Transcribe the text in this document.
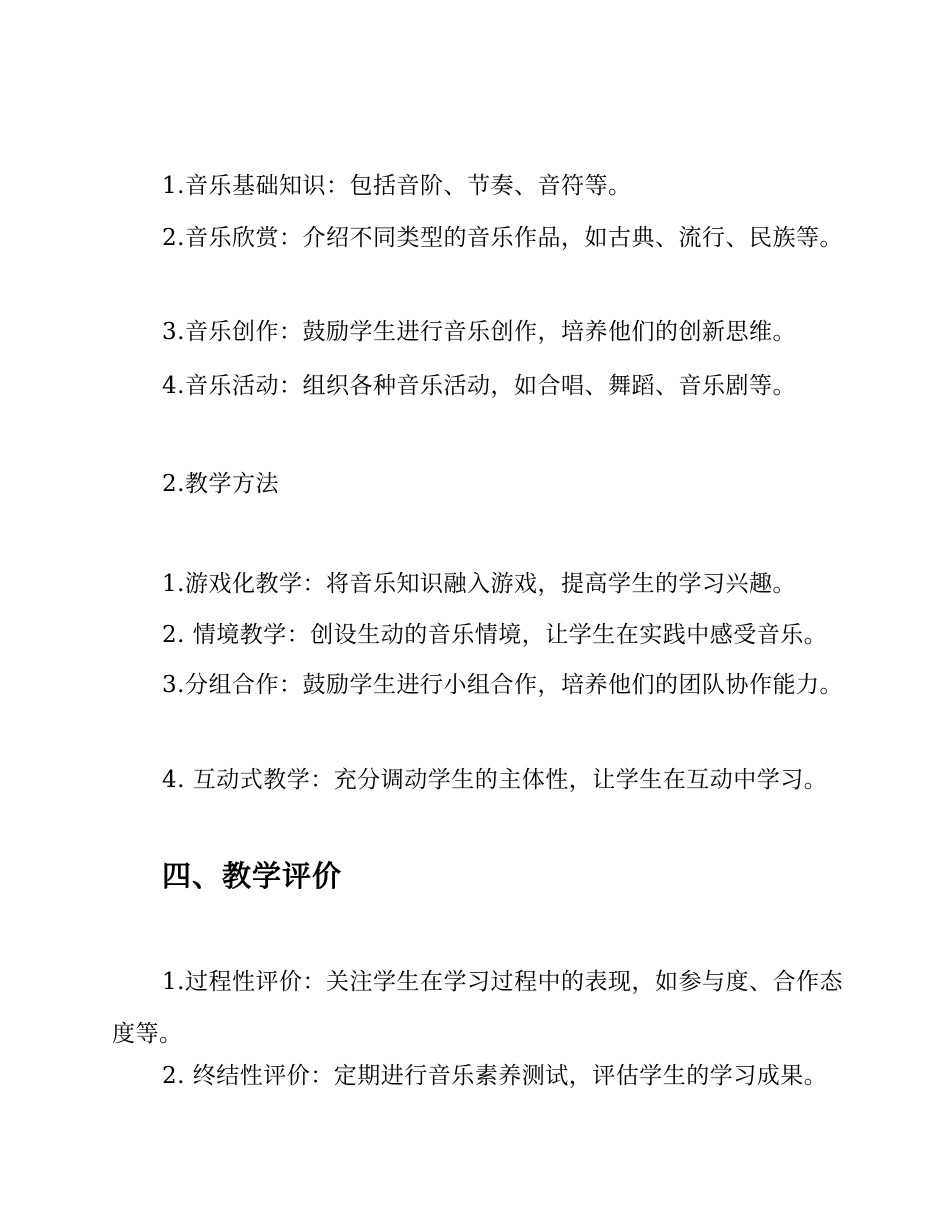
1.音乐基础知识：包括音阶、节奏、音符等。

2.音乐欣赏：介绍不同类型的音乐作品，如古典、流行、民族等。

3.音乐创作：鼓励学生进行音乐创作，培养他们的创新思维。

4.音乐活动：组织各种音乐活动，如合唱、舞蹈、音乐剧等。

2.教学方法

1.游戏化教学：将音乐知识融入游戏，提高学生的学习兴趣。

2. 情境教学：创设生动的音乐情境，让学生在实践中感受音乐。

3.分组合作：鼓励学生进行小组合作，培养他们的团队协作能力。

4. 互动式教学：充分调动学生的主体性，让学生在互动中学习。

四、教学评价

1.过程性评价：关注学生在学习过程中的表现，如参与度、合作态度等。

2. 终结性评价：定期进行音乐素养测试，评估学生的学习成果。
